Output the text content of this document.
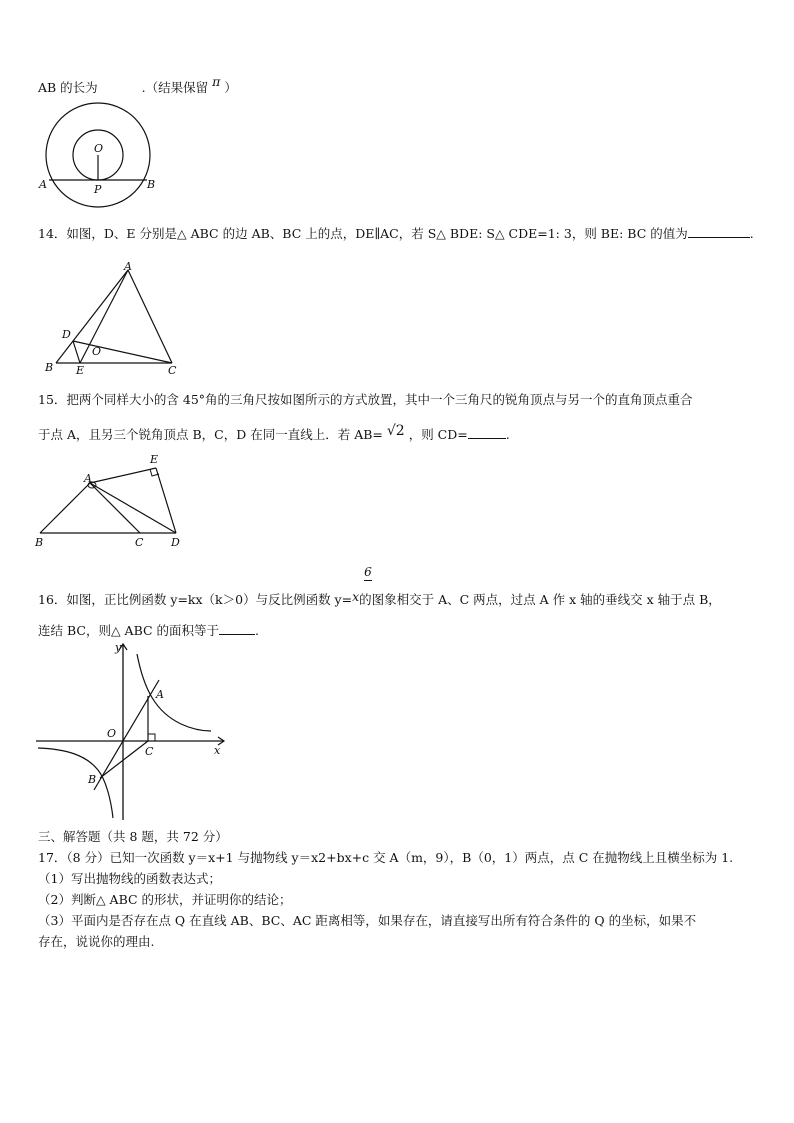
AB 的长为	.（结果保留 π ）
O
A	P	B
14．如图，D、E 分别是△ ABC 的边 AB、BC 上的点，DE∥AC，若 S△ BDE: S△ CDE=1: 3，则 BE: BC 的值为	.
A
D
O
B E	C
15．把两个同样大小的含 45°角的三角尺按如图所示的方式放置，其中一个三角尺的锐角顶点与另一个的直角顶点重合
于点 A，且另三个锐角顶点 B，C，D 在同一直线上．若 AB= √2 ，则 CD=	.
A
E
B	C	D
6
16．如图，正比例函数 y=kx（k＞0）与反比例函数 y=x的图象相交于 A、C 两点，过点 A 作 x 轴的垂线交 x 轴于点 B，
连结 BC，则△ ABC 的面积等于	.
y
A
O
C	x
B
三、解答题（共 8 题，共 72 分）
17．（8 分）已知一次函数 y＝x+1 与抛物线 y＝x2+bx+c 交 A（m，9），B（0，1）两点，点 C 在抛物线上且横坐标为 1.
（1）写出抛物线的函数表达式；
（2）判断△ ABC 的形状，并证明你的结论；
（3）平面内是否存在点 Q 在直线 AB、BC、AC 距离相等，如果存在，请直接写出所有符合条件的 Q 的坐标，如果不
存在，说说你的理由.
